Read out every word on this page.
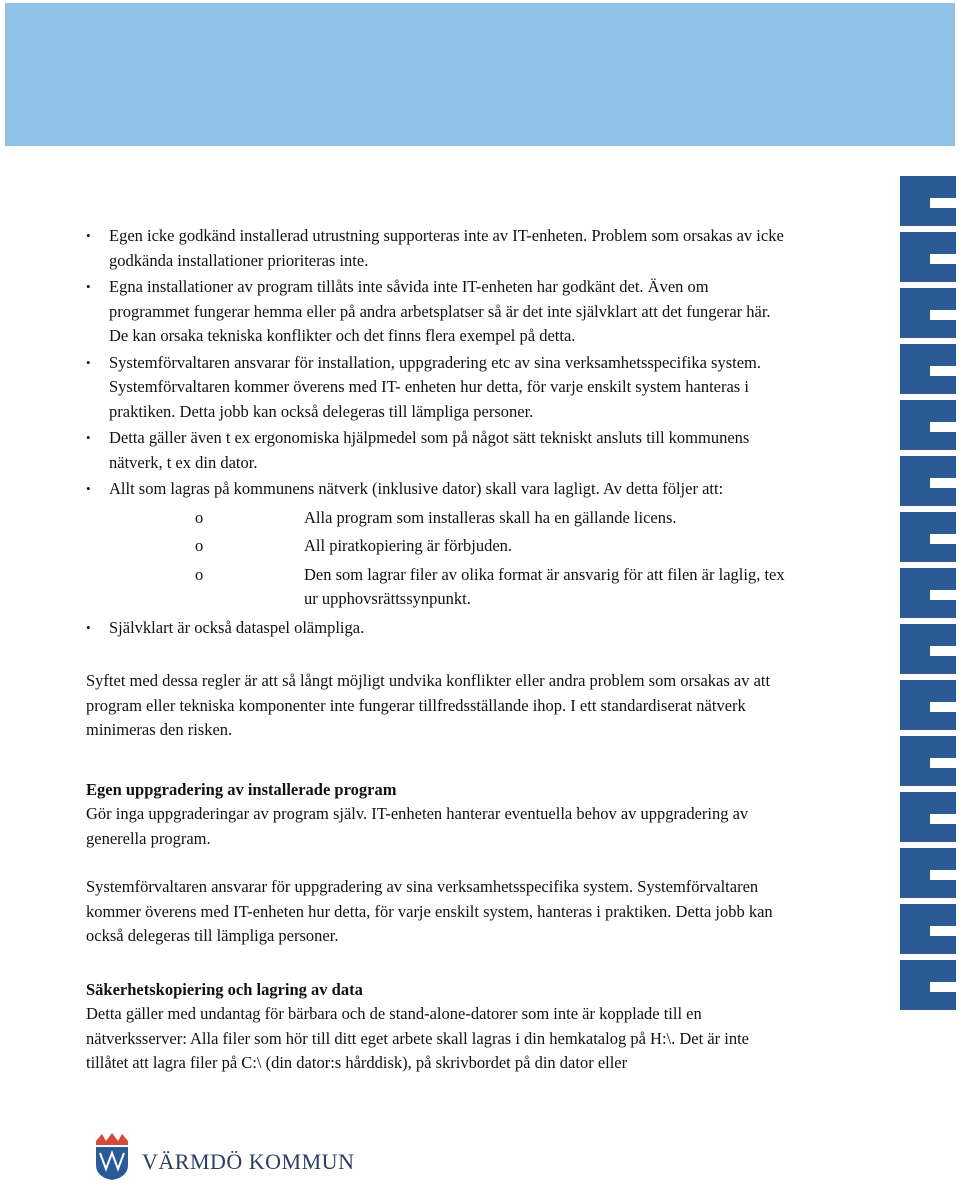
• Egen icke godkänd installerad utrustning supporteras inte av IT-enheten. Problem som orsakas av icke godkända installationer prioriteras inte.
• Egna installationer av program tillåts inte såvida inte IT-enheten har godkänt det. Även om programmet fungerar hemma eller på andra arbetsplatser så är det inte självklart att det fungerar här. De kan orsaka tekniska konflikter och det finns flera exempel på detta.
• Systemförvaltaren ansvarar för installation, uppgradering etc av sina verksamhetsspecifika system. Systemförvaltaren kommer överens med IT- enheten hur detta, för varje enskilt system hanteras i praktiken. Detta jobb kan också delegeras till lämpliga personer.
• Detta gäller även t ex ergonomiska hjälpmedel som på något sätt tekniskt ansluts till kommunens nätverk, t ex din dator.
• Allt som lagras på kommunens nätverk (inklusive dator) skall vara lagligt. Av detta följer att:
o	Alla program som installeras skall ha en gällande licens.
o	All piratkopiering är förbjuden.
o	Den som lagrar filer av olika format är ansvarig för att filen är laglig, tex ur upphovsrättssynpunkt.
• Självklart är också dataspel olämpliga.

Syftet med dessa regler är att så långt möjligt undvika konflikter eller andra problem som orsakas av att program eller tekniska komponenter inte fungerar tillfredsställande ihop. I ett standardiserat nätverk minimeras den risken.

Egen uppgradering av installerade program

Gör inga uppgraderingar av program själv. IT-enheten hanterar eventuella behov av uppgradering av generella program.

Systemförvaltaren ansvarar för uppgradering av sina verksamhetsspecifika system. Systemförvaltaren kommer överens med IT-enheten hur detta, för varje enskilt system, hanteras i praktiken. Detta jobb kan också delegeras till lämpliga personer.

Säkerhetskopiering och lagring av data

Detta gäller med undantag för bärbara och de stand-alone-datorer som inte är kopplade till en nätverksserver: Alla filer som hör till ditt eget arbete skall lagras i din hemkatalog på H:\. Det är inte tillåtet att lagra filer på C:\ (din dator:s hårddisk), på skrivbordet på din dator eller

VÄRMDÖ KOMMUN
